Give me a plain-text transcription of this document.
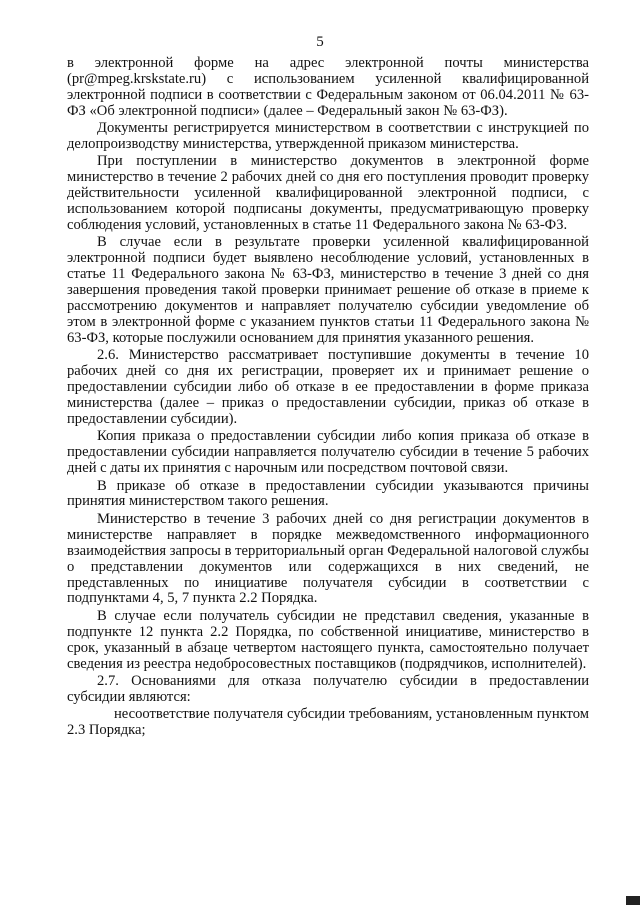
5

в электронной форме на адрес электронной почты министерства (pr@mpeg.krskstate.ru) с использованием усиленной квалифицированной электронной подписи в соответствии с Федеральным законом от 06.04.2011 № 63-ФЗ «Об электронной подписи» (далее – Федеральный закон № 63-ФЗ).

Документы регистрируется министерством в соответствии с инструкцией по делопроизводству министерства, утвержденной приказом министерства.

При поступлении в министерство документов в электронной форме министерство в течение 2 рабочих дней со дня его поступления проводит проверку действительности усиленной квалифицированной электронной подписи, с использованием которой подписаны документы, предусматривающую проверку соблюдения условий, установленных в статье 11 Федерального закона № 63-ФЗ.

В случае если в результате проверки усиленной квалифицированной электронной подписи будет выявлено несоблюдение условий, установленных в статье 11 Федерального закона № 63-ФЗ, министерство в течение 3 дней со дня завершения проведения такой проверки принимает решение об отказе в приеме к рассмотрению документов и направляет получателю субсидии уведомление об этом в электронной форме с указанием пунктов статьи 11 Федерального закона № 63-ФЗ, которые послужили основанием для принятия указанного решения.

2.6. Министерство рассматривает поступившие документы в течение 10 рабочих дней со дня их регистрации, проверяет их и принимает решение о предоставлении субсидии либо об отказе в ее предоставлении в форме приказа министерства (далее – приказ о предоставлении субсидии, приказ об отказе в предоставлении субсидии).

Копия приказа о предоставлении субсидии либо копия приказа об отказе в предоставлении субсидии направляется получателю субсидии в течение 5 рабочих дней с даты их принятия с нарочным или посредством почтовой связи.

В приказе об отказе в предоставлении субсидии указываются причины принятия министерством такого решения.

Министерство в течение 3 рабочих дней со дня регистрации документов в министерстве направляет в порядке межведомственного информационного взаимодействия запросы в территориальный орган Федеральной налоговой службы о представлении документов или содержащихся в них сведений, не представленных по инициативе получателя субсидии в соответствии с подпунктами 4, 5, 7 пункта 2.2 Порядка.

В случае если получатель субсидии не представил сведения, указанные в подпункте 12 пункта 2.2 Порядка, по собственной инициативе, министерство в срок, указанный в абзаце четвертом настоящего пункта, самостоятельно получает сведения из реестра недобросовестных поставщиков (подрядчиков, исполнителей).

2.7. Основаниями для отказа получателю субсидии в предоставлении субсидии являются:

несоответствие получателя субсидии требованиям, установленным пунктом 2.3 Порядка;
